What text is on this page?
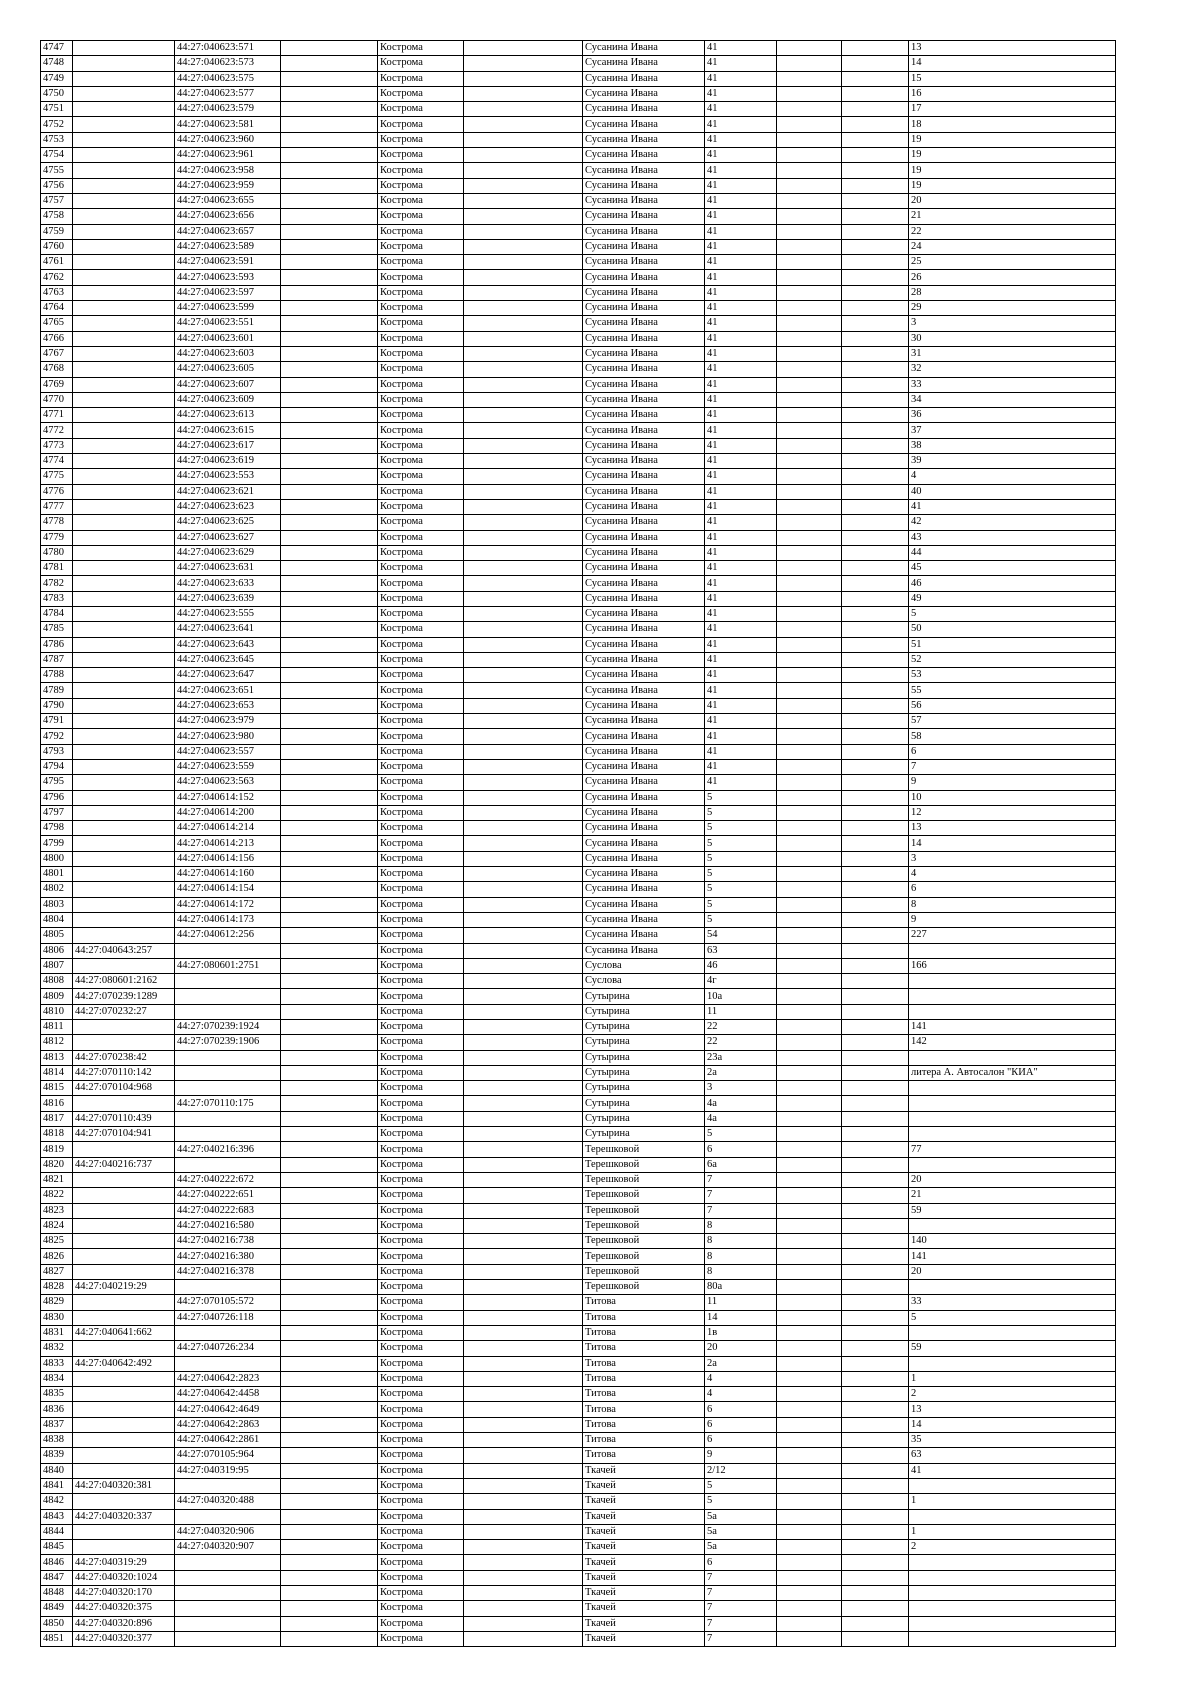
4747		44:27:040623:571		Кострома		Сусанина Ивана	41			13
4748		44:27:040623:573		Кострома		Сусанина Ивана	41			14
4749		44:27:040623:575		Кострома		Сусанина Ивана	41			15
4750		44:27:040623:577		Кострома		Сусанина Ивана	41			16
4751		44:27:040623:579		Кострома		Сусанина Ивана	41			17
4752		44:27:040623:581		Кострома		Сусанина Ивана	41			18
4753		44:27:040623:960		Кострома		Сусанина Ивана	41			19
4754		44:27:040623:961		Кострома		Сусанина Ивана	41			19
4755		44:27:040623:958		Кострома		Сусанина Ивана	41			19
4756		44:27:040623:959		Кострома		Сусанина Ивана	41			19
4757		44:27:040623:655		Кострома		Сусанина Ивана	41			20
4758		44:27:040623:656		Кострома		Сусанина Ивана	41			21
4759		44:27:040623:657		Кострома		Сусанина Ивана	41			22
4760		44:27:040623:589		Кострома		Сусанина Ивана	41			24
4761		44:27:040623:591		Кострома		Сусанина Ивана	41			25
4762		44:27:040623:593		Кострома		Сусанина Ивана	41			26
4763		44:27:040623:597		Кострома		Сусанина Ивана	41			28
4764		44:27:040623:599		Кострома		Сусанина Ивана	41			29
4765		44:27:040623:551		Кострома		Сусанина Ивана	41			3
4766		44:27:040623:601		Кострома		Сусанина Ивана	41			30
4767		44:27:040623:603		Кострома		Сусанина Ивана	41			31
4768		44:27:040623:605		Кострома		Сусанина Ивана	41			32
4769		44:27:040623:607		Кострома		Сусанина Ивана	41			33
4770		44:27:040623:609		Кострома		Сусанина Ивана	41			34
4771		44:27:040623:613		Кострома		Сусанина Ивана	41			36
4772		44:27:040623:615		Кострома		Сусанина Ивана	41			37
4773		44:27:040623:617		Кострома		Сусанина Ивана	41			38
4774		44:27:040623:619		Кострома		Сусанина Ивана	41			39
4775		44:27:040623:553		Кострома		Сусанина Ивана	41			4
4776		44:27:040623:621		Кострома		Сусанина Ивана	41			40
4777		44:27:040623:623		Кострома		Сусанина Ивана	41			41
4778		44:27:040623:625		Кострома		Сусанина Ивана	41			42
4779		44:27:040623:627		Кострома		Сусанина Ивана	41			43
4780		44:27:040623:629		Кострома		Сусанина Ивана	41			44
4781		44:27:040623:631		Кострома		Сусанина Ивана	41			45
4782		44:27:040623:633		Кострома		Сусанина Ивана	41			46
4783		44:27:040623:639		Кострома		Сусанина Ивана	41			49
4784		44:27:040623:555		Кострома		Сусанина Ивана	41			5
4785		44:27:040623:641		Кострома		Сусанина Ивана	41			50
4786		44:27:040623:643		Кострома		Сусанина Ивана	41			51
4787		44:27:040623:645		Кострома		Сусанина Ивана	41			52
4788		44:27:040623:647		Кострома		Сусанина Ивана	41			53
4789		44:27:040623:651		Кострома		Сусанина Ивана	41			55
4790		44:27:040623:653		Кострома		Сусанина Ивана	41			56
4791		44:27:040623:979		Кострома		Сусанина Ивана	41			57
4792		44:27:040623:980		Кострома		Сусанина Ивана	41			58
4793		44:27:040623:557		Кострома		Сусанина Ивана	41			6
4794		44:27:040623:559		Кострома		Сусанина Ивана	41			7
4795		44:27:040623:563		Кострома		Сусанина Ивана	41			9
4796		44:27:040614:152		Кострома		Сусанина Ивана	5			10
4797		44:27:040614:200		Кострома		Сусанина Ивана	5			12
4798		44:27:040614:214		Кострома		Сусанина Ивана	5			13
4799		44:27:040614:213		Кострома		Сусанина Ивана	5			14
4800		44:27:040614:156		Кострома		Сусанина Ивана	5			3
4801		44:27:040614:160		Кострома		Сусанина Ивана	5			4
4802		44:27:040614:154		Кострома		Сусанина Ивана	5			6
4803		44:27:040614:172		Кострома		Сусанина Ивана	5			8
4804		44:27:040614:173		Кострома		Сусанина Ивана	5			9
4805		44:27:040612:256		Кострома		Сусанина Ивана	54			227
4806	44:27:040643:257			Кострома		Сусанина Ивана	63			
4807		44:27:080601:2751		Кострома		Суслова	46			166
4808	44:27:080601:2162			Кострома		Суслова	4г			
4809	44:27:070239:1289			Кострома		Сутырина	10а			
4810	44:27:070232:27			Кострома		Сутырина	11			
4811		44:27:070239:1924		Кострома		Сутырина	22			141
4812		44:27:070239:1906		Кострома		Сутырина	22			142
4813	44:27:070238:42			Кострома		Сутырина	23а			
4814	44:27:070110:142			Кострома		Сутырина	2а			литера А. Автосалон "КИА"
4815	44:27:070104:968			Кострома		Сутырина	3			
4816		44:27:070110:175		Кострома		Сутырина	4а			
4817	44:27:070110:439			Кострома		Сутырина	4а			
4818	44:27:070104:941			Кострома		Сутырина	5			
4819		44:27:040216:396		Кострома		Терешковой	6			77
4820	44:27:040216:737			Кострома		Терешковой	6а			
4821		44:27:040222:672		Кострома		Терешковой	7			20
4822		44:27:040222:651		Кострома		Терешковой	7			21
4823		44:27:040222:683		Кострома		Терешковой	7			59
4824		44:27:040216:580		Кострома		Терешковой	8			
4825		44:27:040216:738		Кострома		Терешковой	8			140
4826		44:27:040216:380		Кострома		Терешковой	8			141
4827		44:27:040216:378		Кострома		Терешковой	8			20
4828	44:27:040219:29			Кострома		Терешковой	80а			
4829		44:27:070105:572		Кострома		Титова	11			33
4830		44:27:040726:118		Кострома		Титова	14			5
4831	44:27:040641:662			Кострома		Титова	1в			
4832		44:27:040726:234		Кострома		Титова	20			59
4833	44:27:040642:492			Кострома		Титова	2а			
4834		44:27:040642:2823		Кострома		Титова	4			1
4835		44:27:040642:4458		Кострома		Титова	4			2
4836		44:27:040642:4649		Кострома		Титова	6			13
4837		44:27:040642:2863		Кострома		Титова	6			14
4838		44:27:040642:2861		Кострома		Титова	6			35
4839		44:27:070105:964		Кострома		Титова	9			63
4840		44:27:040319:95		Кострома		Ткачей	2/12			41
4841	44:27:040320:381			Кострома		Ткачей	5			
4842		44:27:040320:488		Кострома		Ткачей	5			1
4843	44:27:040320:337			Кострома		Ткачей	5а			
4844		44:27:040320:906		Кострома		Ткачей	5а			1
4845		44:27:040320:907		Кострома		Ткачей	5а			2
4846	44:27:040319:29			Кострома		Ткачей	6			
4847	44:27:040320:1024			Кострома		Ткачей	7			
4848	44:27:040320:170			Кострома		Ткачей	7			
4849	44:27:040320:375			Кострома		Ткачей	7			
4850	44:27:040320:896			Кострома		Ткачей	7			
4851	44:27:040320:377			Кострома		Ткачей	7			
